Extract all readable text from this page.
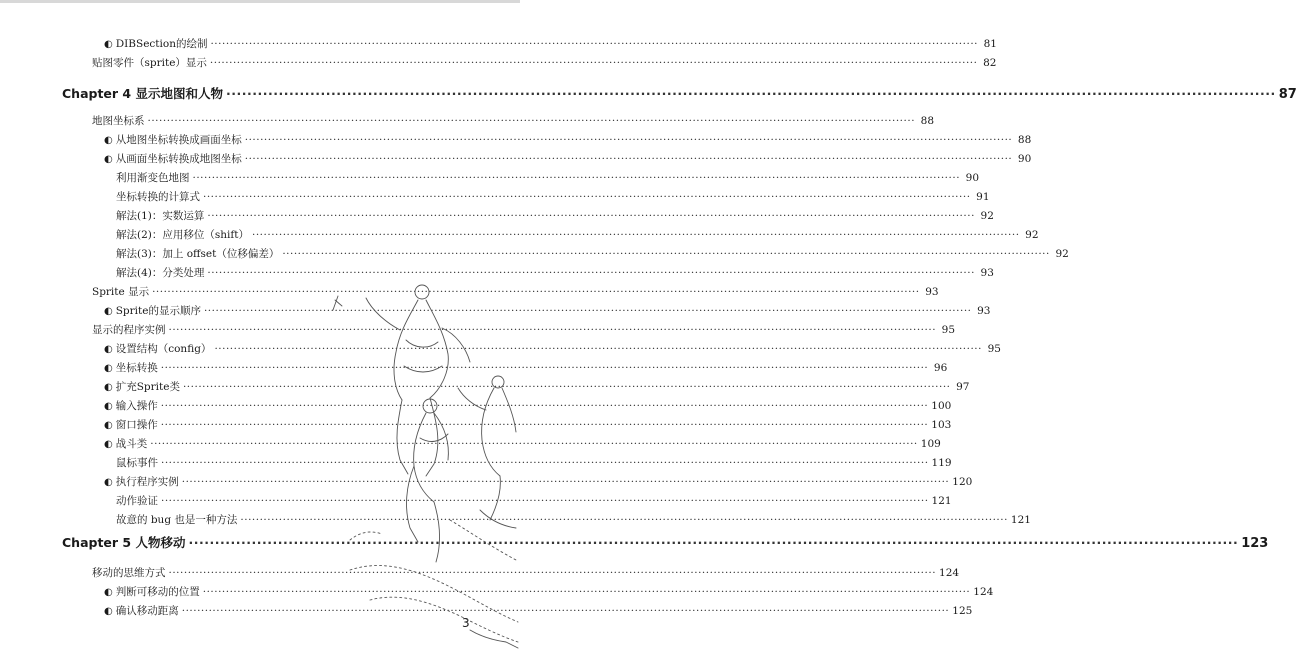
◐ DIBSection的绘制 ········································································································································································································ 81
贴图零件（sprite）显示 ········································································································································································································ 82
Chapter 4 显示地图和人物 ········································································································································································································ 87
地图坐标系 ········································································································································································································ 88
◐ 从地图坐标转换成画面坐标 ········································································································································································································ 88
◐ 从画面坐标转换成地图坐标 ········································································································································································································ 90
利用渐变色地图 ········································································································································································································ 90
坐标转换的计算式 ········································································································································································································ 91
解法(1)：实数运算 ········································································································································································································ 92
解法(2)：应用移位（shift） ········································································································································································································ 92
解法(3)：加上 offset（位移偏差） ········································································································································································································ 92
解法(4)：分类处理 ········································································································································································································ 93
Sprite 显示 ········································································································································································································ 93
◐ Sprite的显示顺序 ········································································································································································································ 93
显示的程序实例 ········································································································································································································ 95
◐ 设置结构（config） ········································································································································································································ 95
◐ 坐标转换 ········································································································································································································ 96
◐ 扩充Sprite类 ········································································································································································································ 97
◐ 输入操作 ········································································································································································································ 100
◐ 窗口操作 ········································································································································································································ 103
◐ 战斗类 ········································································································································································································ 109
鼠标事件 ········································································································································································································ 119
◐ 执行程序实例 ········································································································································································································ 120
动作验证 ········································································································································································································ 121
故意的 bug 也是一种方法 ········································································································································································································ 121
Chapter 5 人物移动 ········································································································································································································ 123
移动的思维方式 ········································································································································································································ 124
◐ 判断可移动的位置 ········································································································································································································ 124
◐ 确认移动距离 ········································································································································································································ 125
3
